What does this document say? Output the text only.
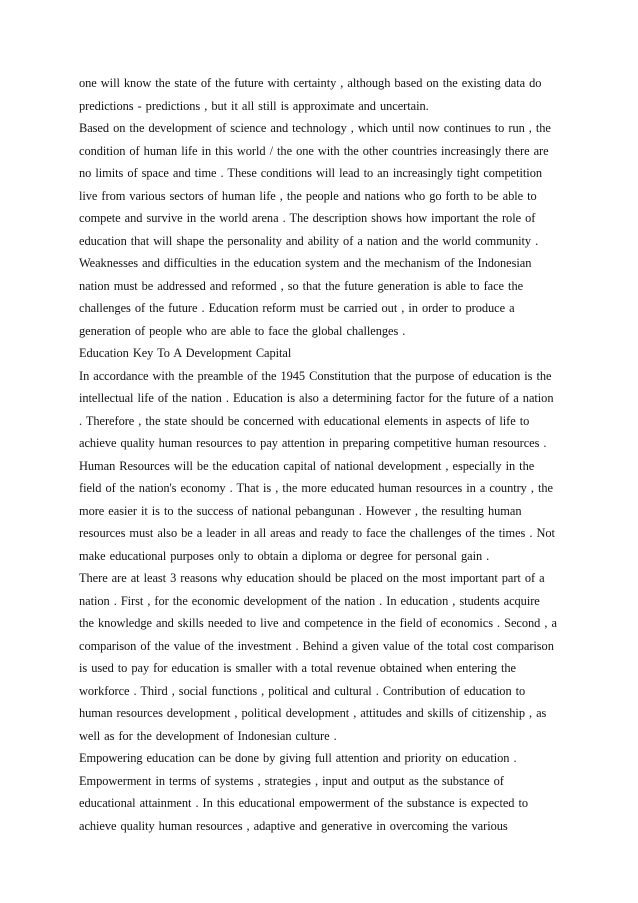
one will know the state of the future with certainty , although based on the existing data do
predictions - predictions , but it all still is approximate and uncertain.
Based on the development of science and technology , which until now continues to run , the
condition of human life in this world / the one with the other countries increasingly there are
no limits of space and time . These conditions will lead to an increasingly tight competition
live from various sectors of human life , the people and nations who go forth to be able to
compete and survive in the world arena . The description shows how important the role of
education that will shape the personality and ability of a nation and the world community .
Weaknesses and difficulties in the education system and the mechanism of the Indonesian
nation must be addressed and reformed , so that the future generation is able to face the
challenges of the future . Education reform must be carried out , in order to produce a
generation of people who are able to face the global challenges .
Education Key To A Development Capital
In accordance with the preamble of the 1945 Constitution that the purpose of education is the
intellectual life of the nation . Education is also a determining factor for the future of a nation
. Therefore , the state should be concerned with educational elements in aspects of life to
achieve quality human resources to pay attention in preparing competitive human resources .
Human Resources will be the education capital of national development , especially in the
field of the nation's economy . That is , the more educated human resources in a country , the
more easier it is to the success of national pebangunan . However , the resulting human
resources must also be a leader in all areas and ready to face the challenges of the times . Not
make educational purposes only to obtain a diploma or degree for personal gain .
There are at least 3 reasons why education should be placed on the most important part of a
nation . First , for the economic development of the nation . In education , students acquire
the knowledge and skills needed to live and competence in the field of economics . Second , a
comparison of the value of the investment . Behind a given value of the total cost comparison
is used to pay for education is smaller with a total revenue obtained when entering the
workforce . Third , social functions , political and cultural . Contribution of education to
human resources development , political development , attitudes and skills of citizenship , as
well as for the development of Indonesian culture .
Empowering education can be done by giving full attention and priority on education .
Empowerment in terms of systems , strategies , input and output as the substance of
educational attainment . In this educational empowerment of the substance is expected to
achieve quality human resources , adaptive and generative in overcoming the various
